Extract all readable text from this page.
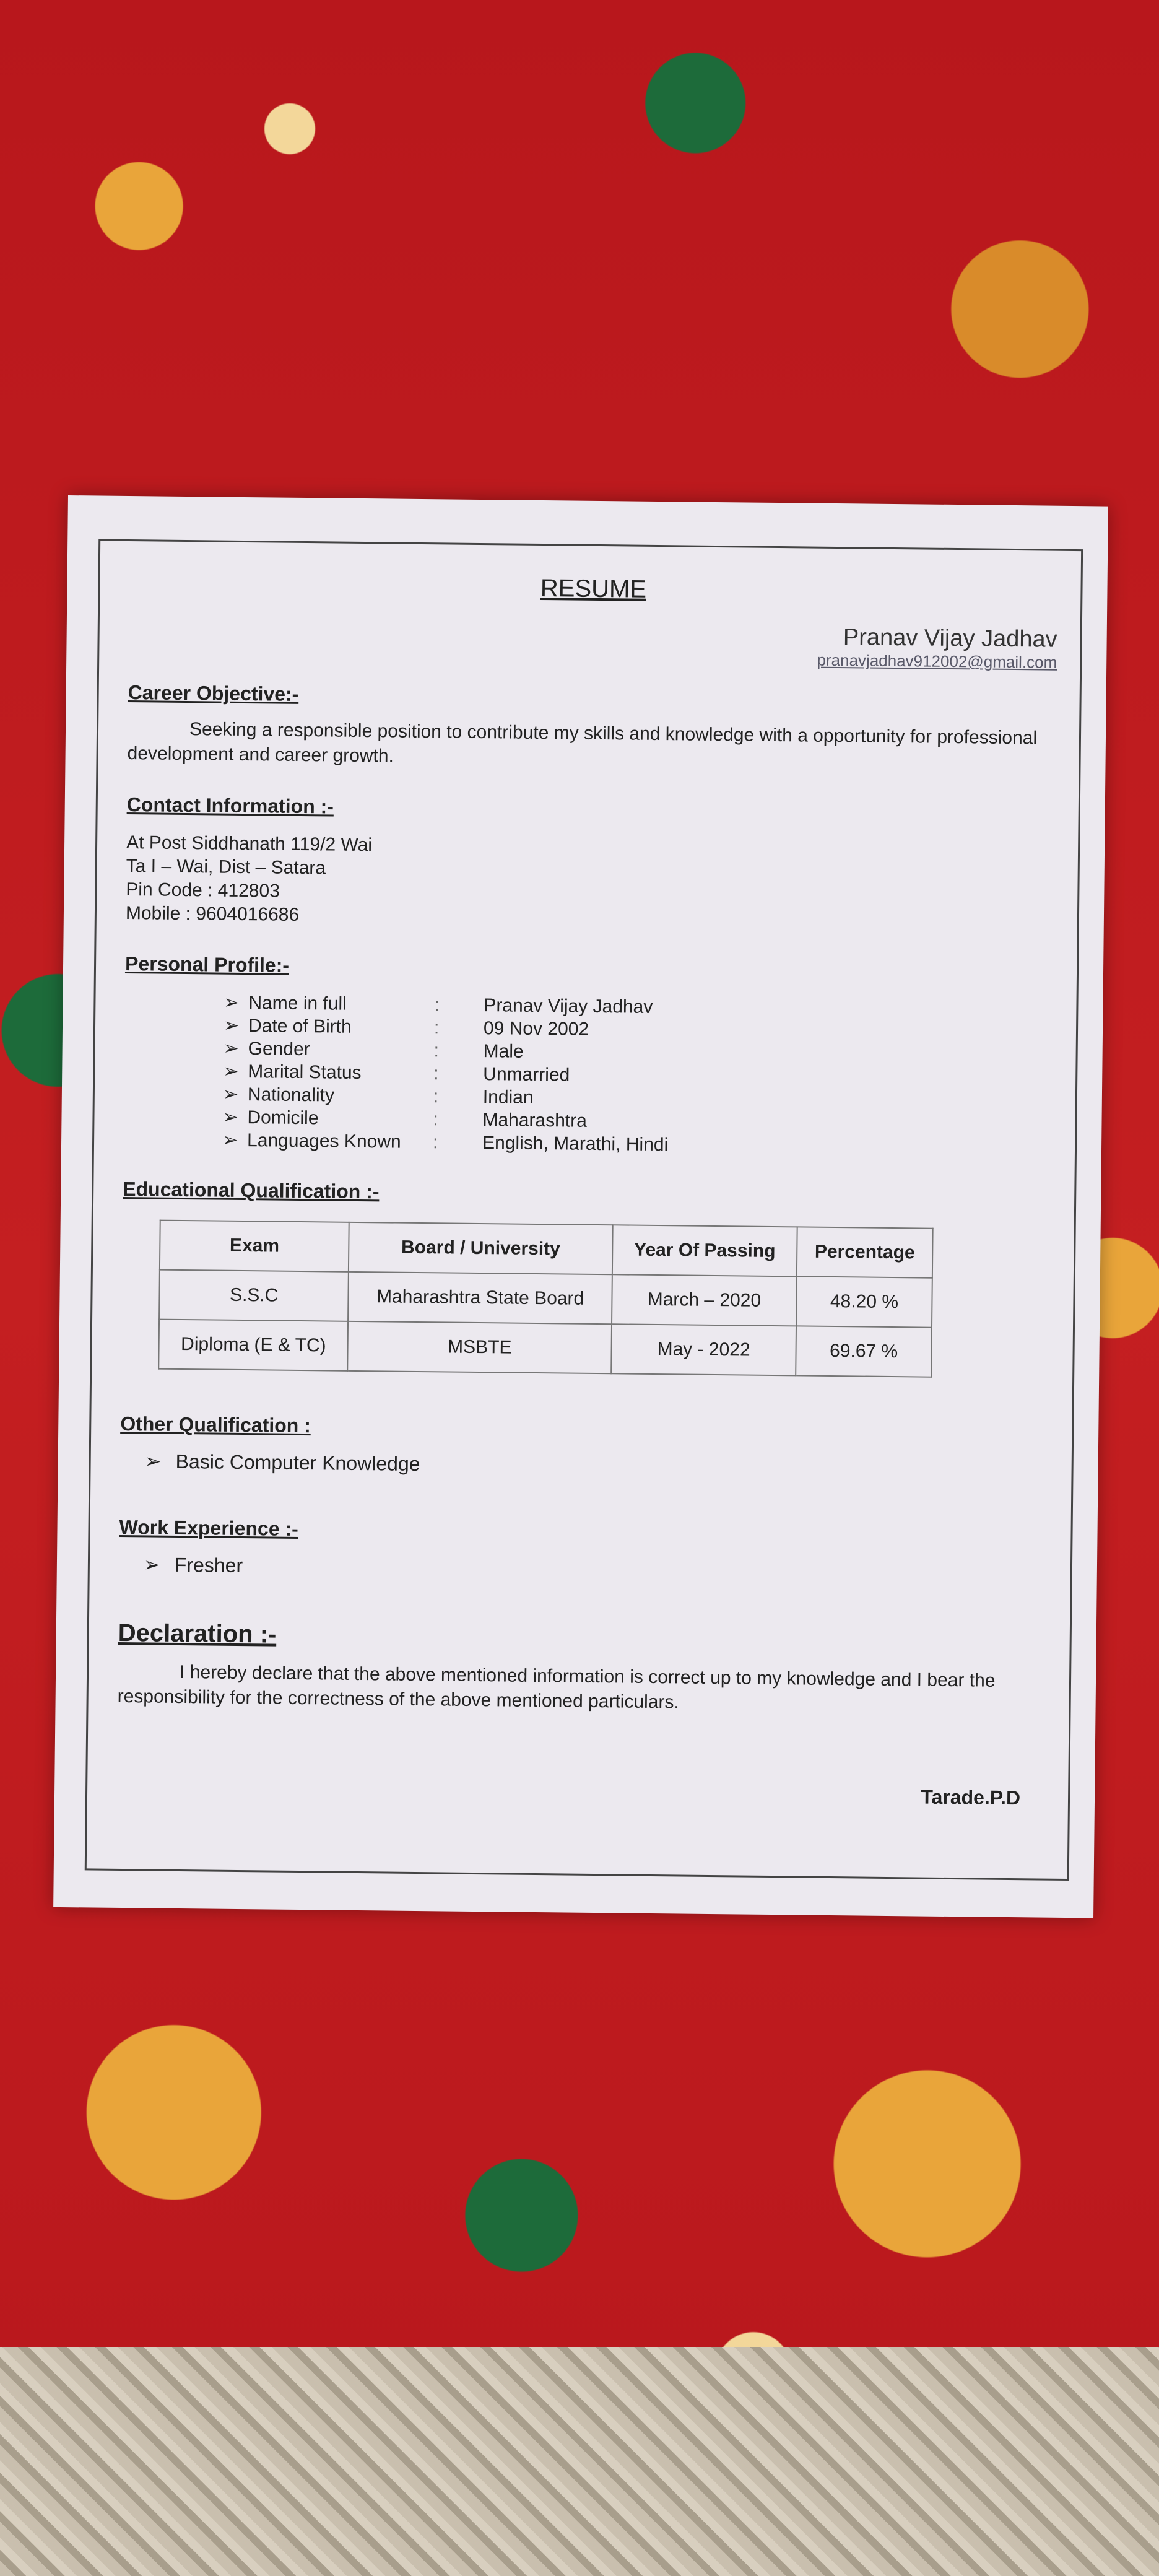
RESUME
Pranav Vijay Jadhav
pranavjadhav912002@gmail.com
Career Objective:-
Seeking a responsible position to contribute my skills and knowledge with a opportunity for professional development and career growth.
Contact Information :-
At Post Siddhanath 119/2 Wai
Ta I – Wai, Dist – Satara
Pin Code : 412803
Mobile : 9604016686
Personal Profile:-
➢ Name in full	:	Pranav Vijay Jadhav
➢ Date of Birth	:	09 Nov 2002
➢ Gender	:	Male
➢ Marital Status	:	Unmarried
➢ Nationality	:	Indian
➢ Domicile	:	Maharashtra
➢ Languages Known	:	English, Marathi, Hindi
Educational Qualification :-
Exam	Board / University	Year Of Passing	Percentage
S.S.C	Maharashtra State Board	March – 2020	48.20 %
Diploma (E & TC)	MSBTE	May - 2022	69.67 %
Other Qualification :
➢ Basic Computer Knowledge
Work Experience :-
➢ Fresher
Declaration :-
I hereby declare that the above mentioned information is correct up to my knowledge and I bear the responsibility for the correctness of the above mentioned particulars.
Tarade.P.D
